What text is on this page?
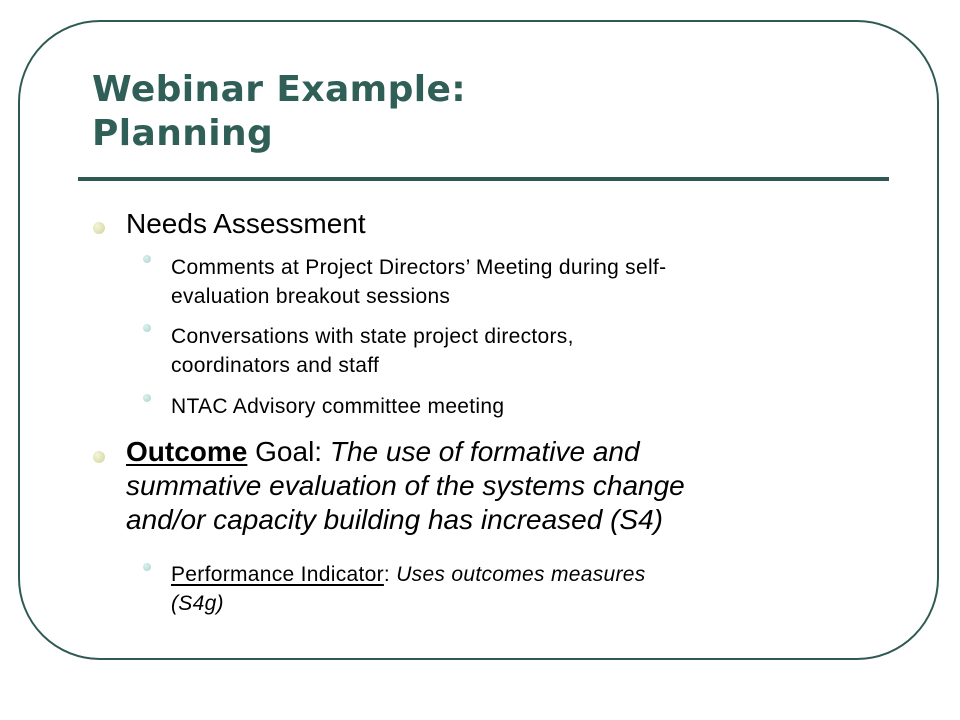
Webinar Example:
Planning
Needs Assessment
Comments at Project Directors’ Meeting during self-
evaluation breakout sessions
Conversations with state project directors,
coordinators and staff
NTAC Advisory committee meeting
Outcome Goal: The use of formative and
summative evaluation of the systems change
and/or capacity building has increased (S4)
Performance Indicator: Uses outcomes measures
(S4g)
